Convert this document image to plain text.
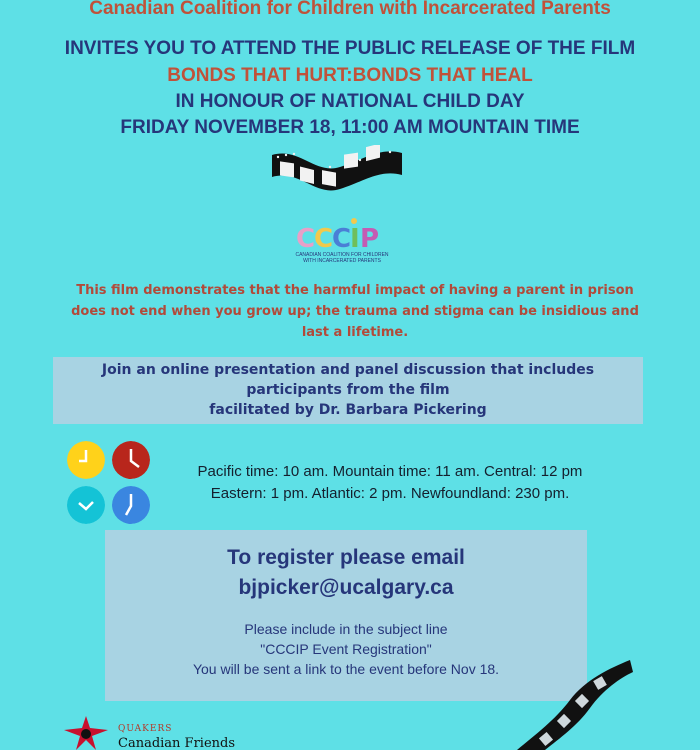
Canadian Coalition for Children with Incarcerated Parents
INVITES YOU TO ATTEND THE PUBLIC RELEASE OF THE FILM
BONDS THAT HURT:BONDS THAT HEAL
IN HONOUR OF NATIONAL CHILD DAY
FRIDAY NOVEMBER 18, 11:00 AM MOUNTAIN TIME
C
C
C
I P
CANADIAN COALITION FOR CHILDREN
WITH INCARCERATED PARENTS
This film demonstrates that the harmful impact of having a parent in prison does not end when you grow up; the trauma and stigma can be insidious and last a lifetime.

Join an online presentation and panel discussion that includes

participants from the film

facilitated by Dr. Barbara Pickering

Pacific time: 10 am. Mountain time: 11 am. Central: 12 pm
Eastern: 1 pm. Atlantic: 2 pm. Newfoundland: 230 pm.
To register please email
bjpicker@ucalgary.ca
Please include in the subject line
"CCCIP Event Registration"
You will be sent a link to the event before Nov 18.
QUAKERS
Canadian Friends
